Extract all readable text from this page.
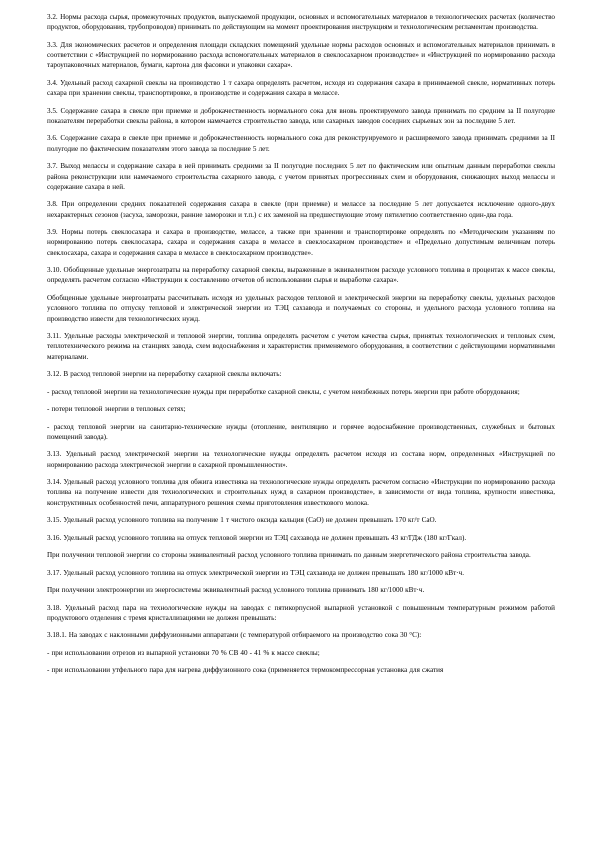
3.2. Нормы расхода сырья, промежуточных продуктов, выпускаемой продукции, основных и вспомогательных материалов в технологических расчетах (количество продуктов, оборудования, трубопроводов) принимать по действующим на момент проектирования инструкциям и технологическим регламентам производства.

3.3. Для экономических расчетов и определения площади складских помещений удельные нормы расходов основных и вспомогательных материалов принимать в соответствии с «Инструкцией по нормированию расхода вспомогательных материалов в свеклосахарном производстве» и «Инструкцией по нормированию расхода тароупаковочных материалов, бумаги, картона для фасовки и упаковки сахара».

3.4. Удельный расход сахарной свеклы на производство 1 т сахара определять расчетом, исходя из содержания сахара в принимаемой свекле, нормативных потерь сахара при хранении свеклы, транспортировке, в производстве и содержания сахара в мелассе.

3.5. Содержание сахара в свекле при приемке и доброкачественность нормального сока для вновь проектируемого завода принимать по средним за II полугодие показателям переработки свеклы района, в котором намечается строительство завода, или сахарных заводов соседних сырьевых зон за последние 5 лет.

3.6. Содержание сахара в свекле при приемке и доброкачественность нормального сока для реконструируемого и расширяемого завода принимать средними за II полугодие по фактическим показателям этого завода за последние 5 лет.

3.7. Выход мелассы и содержание сахара в ней принимать средними за II полугодие последних 5 лет по фактическим или опытным данным переработки свеклы района реконструкции или намечаемого строительства сахарного завода, с учетом принятых прогрессивных схем и оборудования, снижающих выход мелассы и содержание сахара в ней.

3.8. При определении средних показателей содержания сахара в свекле (при приемке) и мелассе за последние 5 лет допускается исключение одного-двух нехарактерных сезонов (засуха, заморозки, ранние заморозки и т.п.) с их заменой на предшествующие этому пятилетию соответственно один-два года.

3.9. Нормы потерь свеклосахара и сахара в производстве, мелассе, а также при хранении и транспортировке определять по «Методическим указаниям по нормированию потерь свеклосахара, сахара и содержания сахара в мелассе в свеклосахарном производстве» и «Предельно допустимым величинам потерь свеклосахара, сахара и содержания сахара в мелассе в свеклосахарном производстве».

3.10. Обобщенные удельные энергозатраты на переработку сахарной свеклы, выраженные в эквивалентном расходе условного топлива в процентах к массе свеклы, определять расчетом согласно «Инструкции к составлению отчетов об использовании сырья и выработке сахара».

Обобщенные удельные энергозатраты рассчитывать исходя из удельных расходов тепловой и электрической энергии на переработку свеклы, удельных расходов условного топлива по отпуску тепловой и электрической энергии из ТЭЦ сахзавода и получаемых со стороны, и удельного расхода условного топлива на производство извести для технологических нужд.

3.11. Удельные расходы электрической и тепловой энергии, топлива определять расчетом с учетом качества сырья, принятых технологических и тепловых схем, теплотехнического режима на станциях завода, схем водоснабжения и характеристик применяемого оборудования, в соответствии с действующими нормативными материалами.

3.12. В расход тепловой энергии на переработку сахарной свеклы включать:

- расход тепловой энергии на технологические нужды при переработке сахарной свеклы, с учетом неизбежных потерь энергии при работе оборудования;

- потери тепловой энергии в тепловых сетях;

- расход тепловой энергии на санитарно-технические нужды (отопление, вентиляцию и горячее водоснабжение производственных, служебных и бытовых помещений завода).

3.13. Удельный расход электрической энергии на технологические нужды определять расчетом исходя из состава норм, определенных «Инструкцией по нормированию расхода электрической энергии в сахарной промышленности».

3.14. Удельный расход условного топлива для обжига известняка на технологические нужды определять расчетом согласно «Инструкции по нормированию расхода топлива на получение извести для технологических и строительных нужд в сахарном производстве», в зависимости от вида топлива, крупности известняка, конструктивных особенностей печи, аппаратурного решения схемы приготовления известкового молока.

3.15. Удельный расход условного топлива на получение 1 т чистого оксида кальция (СаО) не должен превышать 170 кг/т СаО.

3.16. Удельный расход условного топлива на отпуск тепловой энергии из ТЭЦ сахзавода не должен превышать 43 кг/ГДж (180 кг/Гкал).

При получении тепловой энергии со стороны эквивалентный расход условного топлива принимать по данным энергетического района строительства завода.

3.17. Удельный расход условного топлива на отпуск электрической энергии из ТЭЦ сахзавода не должен превышать 180 кг/1000 кВт·ч.

При получении электроэнергии из энергосистемы эквивалентный расход условного топлива принимать 180 кг/1000 кВт·ч.

3.18. Удельный расход пара на технологические нужды на заводах с пятикорпусной выпарной установкой с повышенным температурным режимом работой продуктового отделения с тремя кристаллизациями не должен превышать:

3.18.1. На заводах с наклонными диффузионными аппаратами (с температурой отбираемого на производство сока 30 °С):

- при использовании отрезов из выпарной установки 70 % СВ 40 - 41 % к массе свеклы;

- при использовании утфельного пара для нагрева диффузионного сока (применяется термокомпрессорная установка для сжатия
